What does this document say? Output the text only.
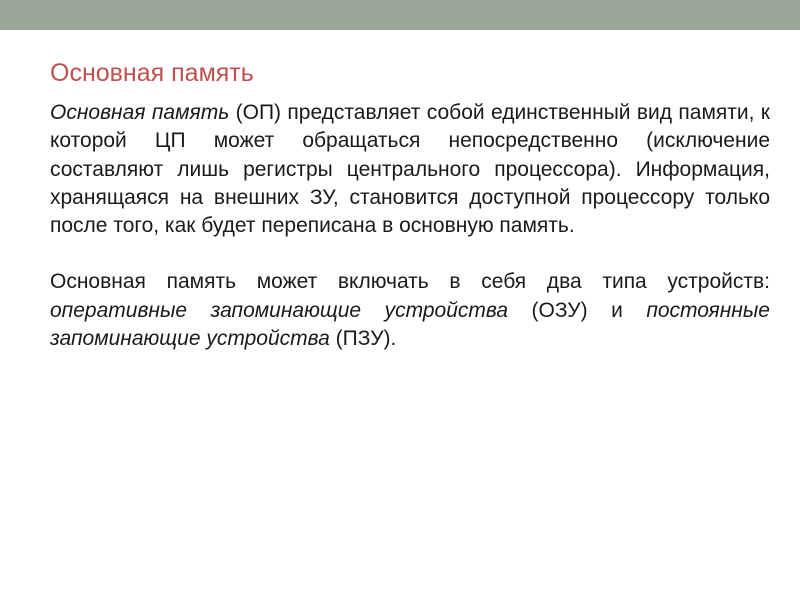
Основная память

Основная память (ОП) представляет собой единственный вид памяти, к которой ЦП может обращаться непосредственно (исключение составляют лишь регистры центрального процессора). Информация, хранящаяся на внешних ЗУ, становится доступной процессору только после того, как будет переписана в основную память.

Основная память может включать в себя два типа устройств: оперативные запоминающие устройства (ОЗУ) и постоянные запоминающие устройства (ПЗУ).
